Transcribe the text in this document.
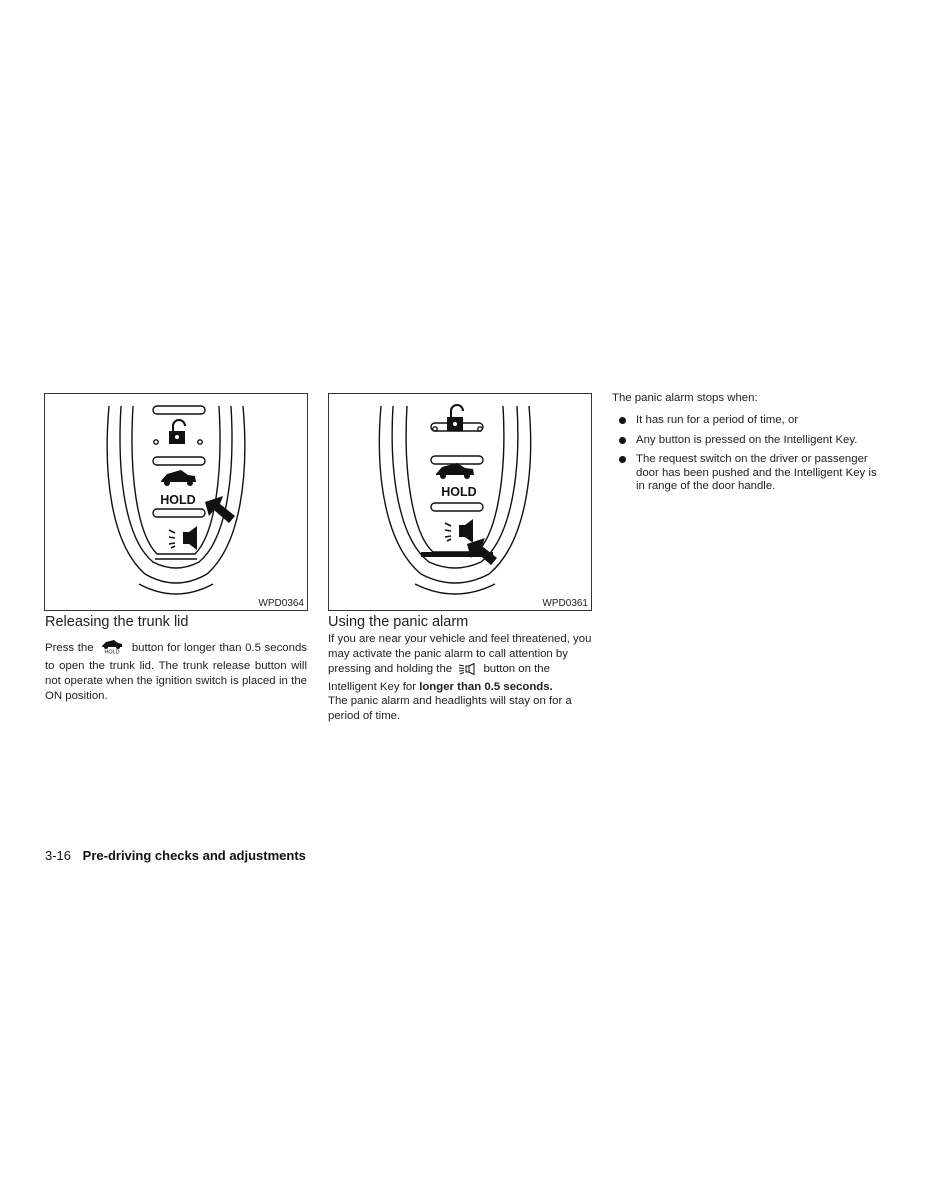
HOLD
WPD0364
Releasing the trunk lid

Press the HOLD button for longer than 0.5 seconds to open the trunk lid. The trunk release button will not operate when the ignition switch is placed in the ON position.

HOLD
WPD0361
Using the panic alarm

If you are near your vehicle and feel threatened, you may activate the panic alarm to call attention by pressing and holding the	button on the Intelligent Key for longer than 0.5 seconds.

The panic alarm and headlights will stay on for a period of time.

The panic alarm stops when:

It has run for a period of time, or
Any button is pressed on the Intelligent Key.
The request switch on the driver or passenger door has been pushed and the Intelligent Key is in range of the door handle.
3-16 Pre-driving checks and adjustments
